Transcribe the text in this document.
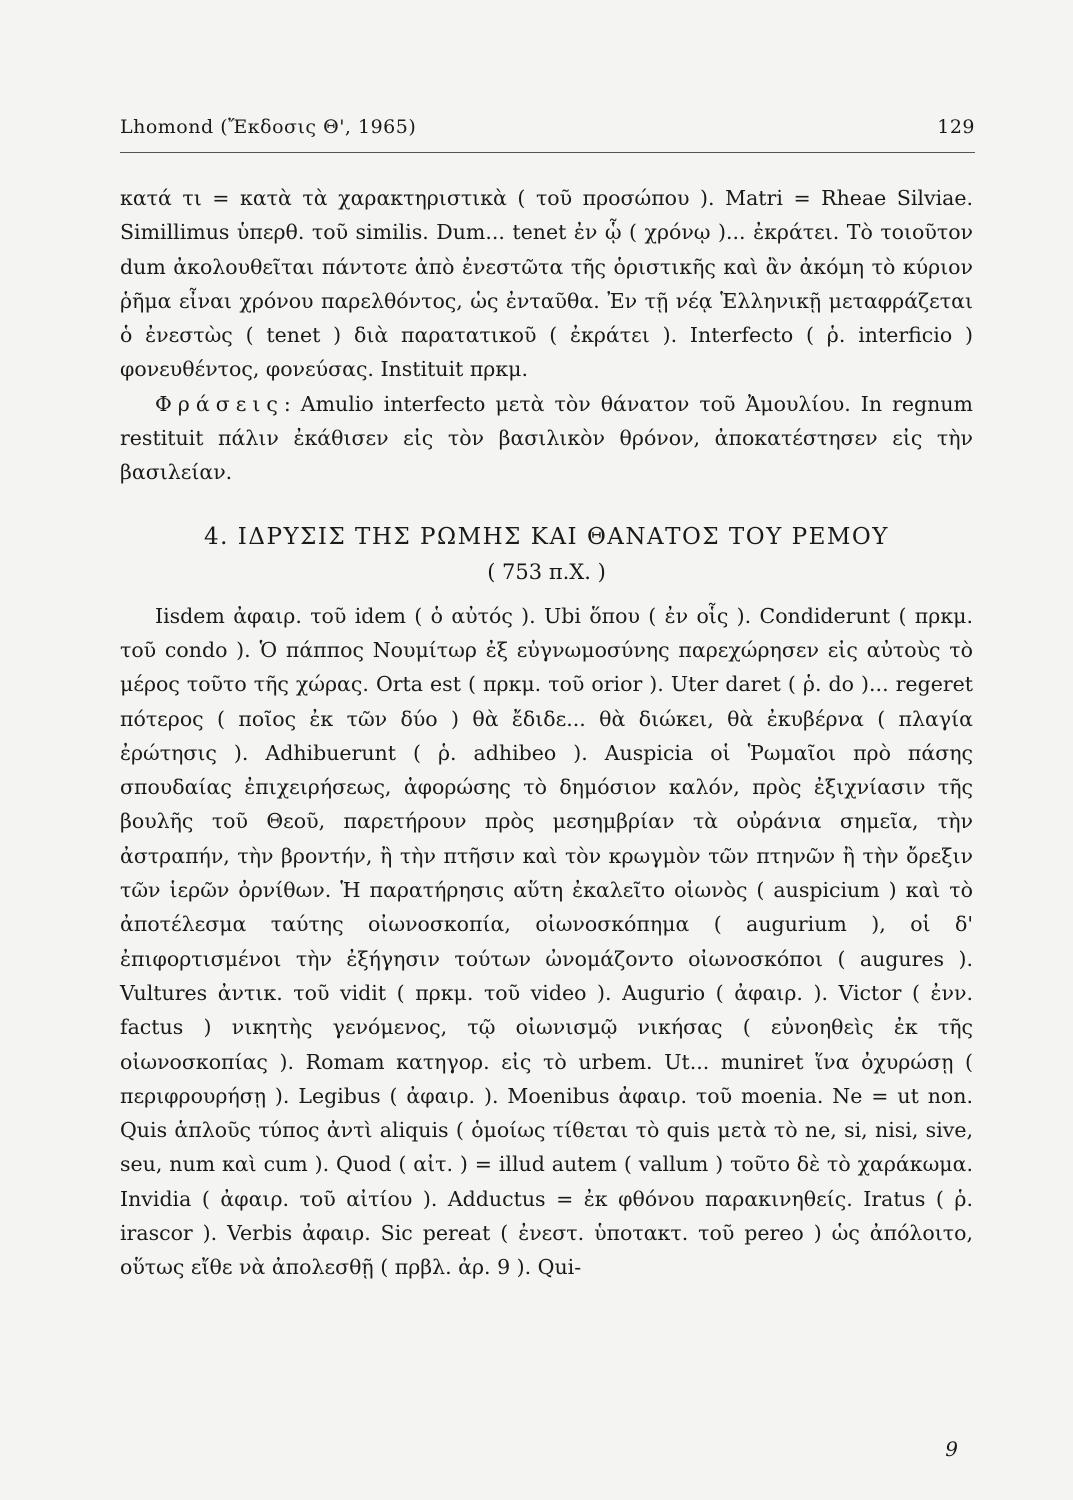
Lhomond (Ἔκδοσις Θ', 1965)	129

κατά τι = κατὰ τὰ χαρακτηριστικὰ ( τοῦ προσώπου ). Matri = Rheae Silviae. Simillimus ὑπερθ. τοῦ similis. Dum... tenet ἐν ᾧ ( χρόνῳ )... ἐκράτει. Τὸ τοιοῦτον dum ἀκολουθεῖται πάντοτε ἀπὸ ἐνεστῶτα τῆς ὁριστικῆς καὶ ἂν ἀκόμη τὸ κύριον ῥῆμα εἶναι χρόνου παρελθόντος, ὡς ἐνταῦθα. Ἐν τῇ νέᾳ Ἑλληνικῇ μεταφράζεται ὁ ἐνεστὼς ( tenet ) διὰ παρατατικοῦ ( ἐκράτει ). Interfecto ( ῥ. interficio ) φονευθέντος, φονεύσας. Instituit πρκμ.

Φράσεις: Amulio interfecto μετὰ τὸν θάνατον τοῦ Ἀμουλίου. In regnum restituit πάλιν ἐκάθισεν εἰς τὸν βασιλικὸν θρόνον, ἀποκατέστησεν εἰς τὴν βασιλείαν.

4. ΙΔΡΥΣΙΣ ΤΗΣ ΡΩΜΗΣ ΚΑΙ ΘΑΝΑΤΟΣ ΤΟΥ ΡΕΜΟΥ

( 753 π.Χ. )

Iisdem ἀφαιρ. τοῦ idem ( ὁ αὐτός ). Ubi ὅπου ( ἐν οἷς ). Condiderunt ( πρκμ. τοῦ condo ). Ὁ πάππος Νουμίτωρ ἐξ εὐγνωμοσύνης παρεχώρησεν εἰς αὐτοὺς τὸ μέρος τοῦτο τῆς χώρας. Orta est ( πρκμ. τοῦ orior ). Uter daret ( ῥ. do )... regeret πότερος ( ποῖος ἐκ τῶν δύο ) θὰ ἔδιδε... θὰ διώκει, θὰ ἐκυβέρνα ( πλαγία ἐρώτησις ). Adhibuerunt ( ῥ. adhibeo ). Auspicia οἱ Ῥωμαῖοι πρὸ πάσης σπουδαίας ἐπιχειρήσεως, ἀφορώσης τὸ δημόσιον καλόν, πρὸς ἐξιχνίασιν τῆς βουλῆς τοῦ Θεοῦ, παρετήρουν πρὸς μεσημβρίαν τὰ οὐράνια σημεῖα, τὴν ἀστραπήν, τὴν βροντήν, ἢ τὴν πτῆσιν καὶ τὸν κρωγμὸν τῶν πτηνῶν ἢ τὴν ὄρεξιν τῶν ἱερῶν ὀρνίθων. Ἡ παρατήρησις αὕτη ἐκαλεῖτο οἰωνὸς ( auspicium ) καὶ τὸ ἀποτέλεσμα ταύτης οἰωνοσκοπία, οἰωνοσκόπημα ( augurium ), οἱ δ' ἐπιφορτισμένοι τὴν ἐξήγησιν τούτων ὠνομάζοντο οἰωνοσκόποι ( augures ). Vultures ἀντικ. τοῦ vidit ( πρκμ. τοῦ video ). Augurio ( ἀφαιρ. ). Victor ( ἐνν. factus ) νικητὴς γενόμενος, τῷ οἰωνισμῷ νικήσας ( εὐνοηθεὶς ἐκ τῆς οἰωνοσκοπίας ). Romam κατηγορ. εἰς τὸ urbem. Ut... muniret ἵνα ὀχυρώσῃ ( περιφρουρήσῃ ). Legibus ( ἀφαιρ. ). Moenibus ἀφαιρ. τοῦ moenia. Ne = ut non. Quis ἁπλοῦς τύπος ἀντὶ aliquis ( ὁμοίως τίθεται τὸ quis μετὰ τὸ ne, si, nisi, sive, seu, num καὶ cum ). Quod ( αἰτ. ) = illud autem ( vallum ) τοῦτο δὲ τὸ χαράκωμα. Invidia ( ἀφαιρ. τοῦ αἰτίου ). Adductus = ἐκ φθόνου παρακινηθείς. Iratus ( ῥ. irascor ). Verbis ἀφαιρ. Sic pereat ( ἐνεστ. ὑποτακτ. τοῦ pereo ) ὡς ἀπόλοιτο, οὕτως εἴθε νὰ ἀπολεσθῇ ( πρβλ. ἀρ. 9 ). Qui-

9
